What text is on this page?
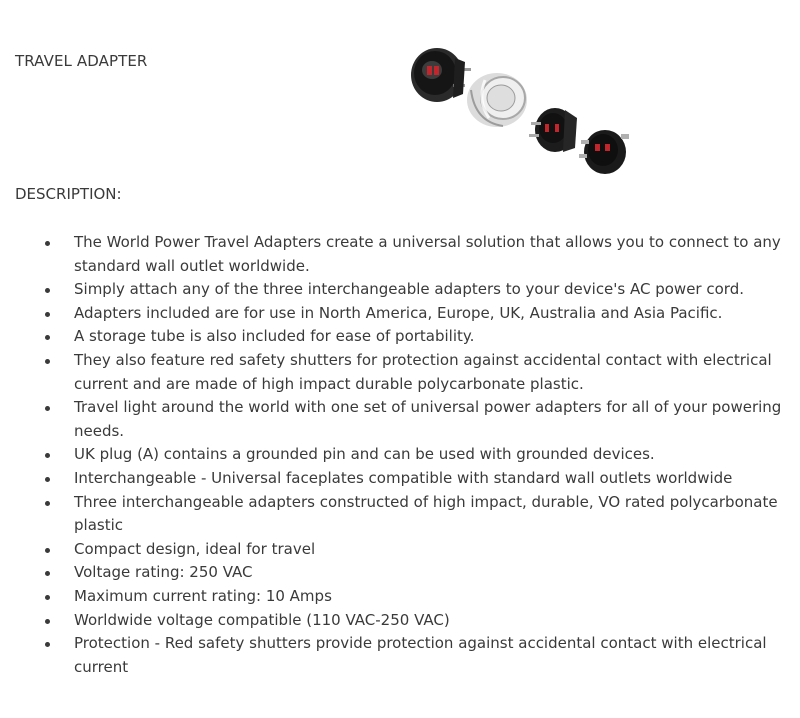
TRAVEL ADAPTER
DESCRIPTION:
The World Power Travel Adapters create a universal solution that allows you to connect to any standard wall outlet worldwide.
Simply attach any of the three interchangeable adapters to your device's AC power cord.
Adapters included are for use in North America, Europe, UK, Australia and Asia Pacific.
A storage tube is also included for ease of portability.
They also feature red safety shutters for protection against accidental contact with electrical current and are made of high impact durable polycarbonate plastic.
Travel light around the world with one set of universal power adapters for all of your powering needs.
UK plug (A) contains a grounded pin and can be used with grounded devices.
Interchangeable - Universal faceplates compatible with standard wall outlets worldwide
Three interchangeable adapters constructed of high impact, durable, VO rated polycarbonate plastic
Compact design, ideal for travel
Voltage rating: 250 VAC
Maximum current rating: 10 Amps
Worldwide voltage compatible (110 VAC-250 VAC)
Protection - Red safety shutters provide protection against accidental contact with electrical current
